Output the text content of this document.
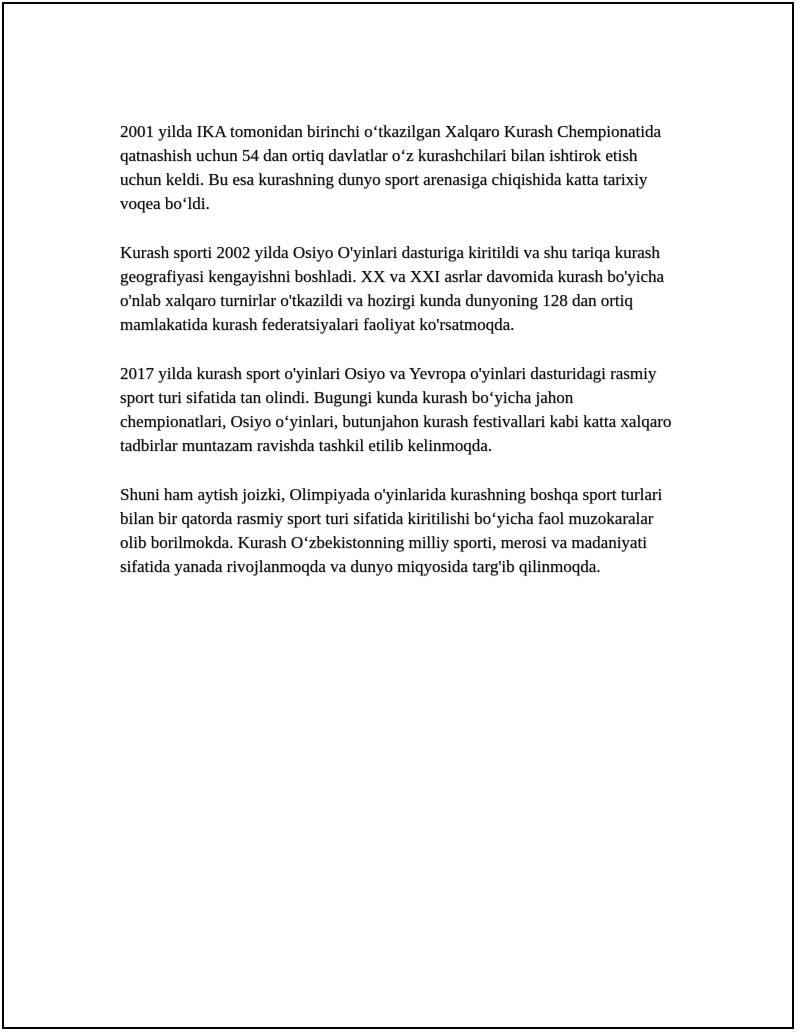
2001 yilda IKA tomonidan birinchi o‘tkazilgan Xalqaro Kurash Chempionatida qatnashish uchun 54 dan ortiq davlatlar o‘z kurashchilari bilan ishtirok etish uchun keldi. Bu esa kurashning dunyo sport arenasiga chiqishida katta tarixiy voqea bo‘ldi.

Kurash sporti 2002 yilda Osiyo O'yinlari dasturiga kiritildi va shu tariqa kurash geografiyasi kengayishni boshladi. XX va XXI asrlar davomida kurash bo'yicha o'nlab xalqaro turnirlar o'tkazildi va hozirgi kunda dunyoning 128 dan ortiq mamlakatida kurash federatsiyalari faoliyat ko'rsatmoqda.

2017 yilda kurash sport o'yinlari Osiyo va Yevropa o'yinlari dasturidagi rasmiy sport turi sifatida tan olindi. Bugungi kunda kurash bo‘yicha jahon chempionatlari, Osiyo o‘yinlari, butunjahon kurash festivallari kabi katta xalqaro tadbirlar muntazam ravishda tashkil etilib kelinmoqda.

Shuni ham aytish joizki, Olimpiyada o'yinlarida kurashning boshqa sport turlari bilan bir qatorda rasmiy sport turi sifatida kiritilishi bo‘yicha faol muzokaralar olib borilmokda. Kurash O‘zbekistonning milliy sporti, merosi va madaniyati sifatida yanada rivojlanmoqda va dunyo miqyosida targ'ib qilinmoqda.
